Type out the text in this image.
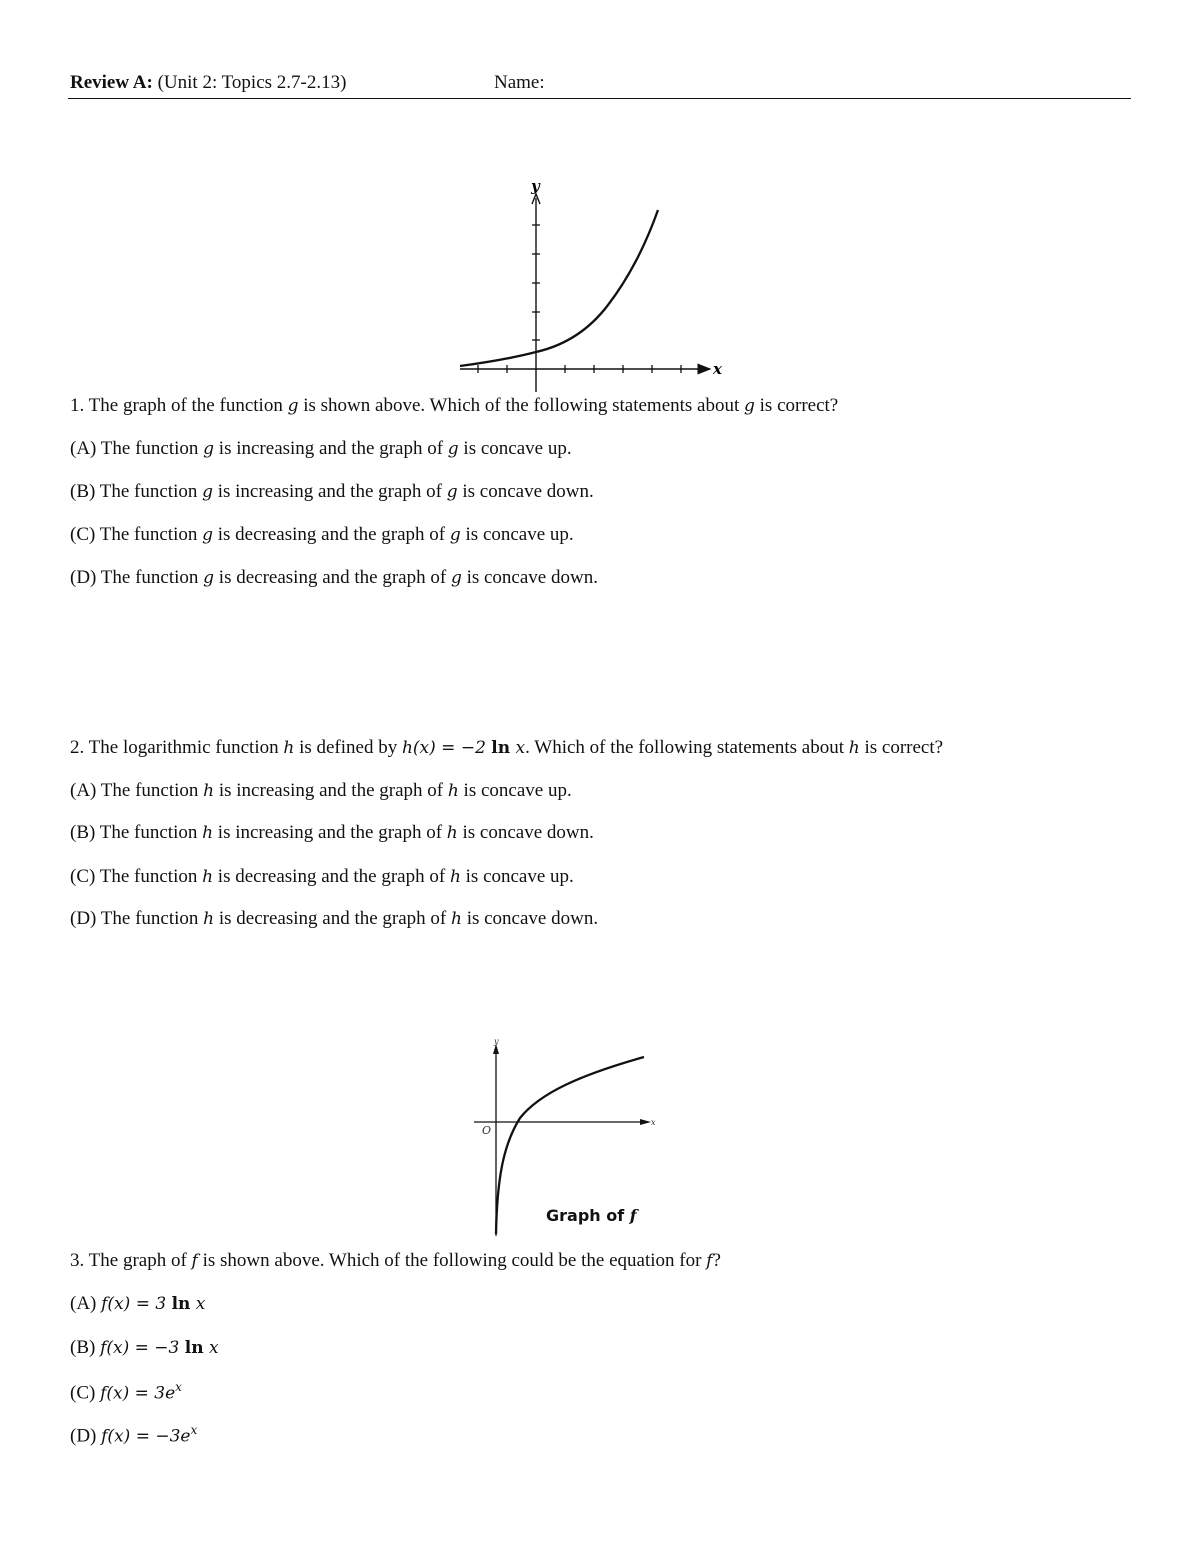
Review A: (Unit 2: Topics 2.7-2.13)	Name:
y
x
1. The graph of the function g is shown above. Which of the following statements about g is correct?
(A) The function g is increasing and the graph of g is concave up.
(B) The function g is increasing and the graph of g is concave down.
(C) The function g is decreasing and the graph of g is concave up.
(D) The function g is decreasing and the graph of g is concave down.
2. The logarithmic function h is defined by h(x) = −2 ln x. Which of the following statements about h is correct?
(A) The function h is increasing and the graph of h is concave up.
(B) The function h is increasing and the graph of h is concave down.
(C) The function h is decreasing and the graph of h is concave up.
(D) The function h is decreasing and the graph of h is concave down.
y
x
O
Graph of f
3. The graph of f is shown above. Which of the following could be the equation for f?
(A) f(x) = 3 ln x
(B) f(x) = −3 ln x
(C) $f(x) = 3e^x$
(D) $f(x) = -3e^x$
